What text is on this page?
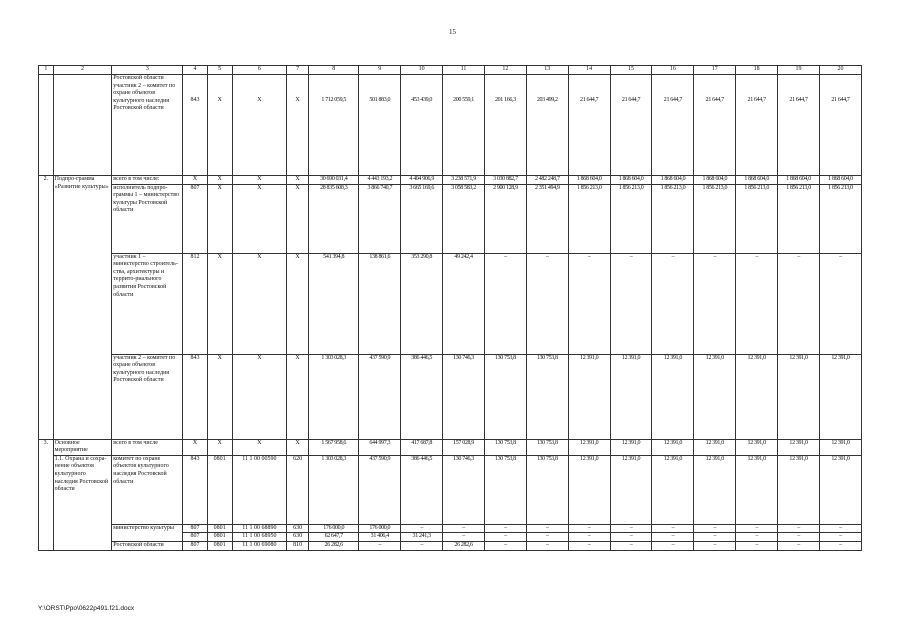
15
1	2	3	4	5	6	7	8	9	10	11	12	13	14	15	16	17	18	19	20
		Ростовской области участник 2 – комитет по охране объектов культурного наследия Ростовской области	843	X	X	X	1 712 059,5	501 883,0	453 439,0	200 559,1	201 166,3	203 499,2	21 644,7	21 644,7	21 644,7	21 644,7	21 644,7	21 644,7	21 644,7
2.	Подпро-грамма «Развитие культуры»	всего в том числе:	X	X	X	X	30 690 031,4	4 443 193,2	4 404 906,9	3 238 571,9	3 030 882,7	2 482 248,7	1 868 604,0	1 868 604,0	1 868 604,0	1 868 604,0	1 868 604,0	1 868 604,0	1 868 604,0
		исполнитель подпро-граммы 1 – министерство культуры Ростовской области	807	X	X	X	28 835 608,3	3 866 740,7	3 665 169,6	3 058 583,2	2 900 128,9	2 351 494,9	1 856 213,0	1 856 213,0	1 856 213,0	1 856 213,0	1 856 213,0	1 856 213,0	1 856 213,0
		участник 1 – министерство строитель-ства, архитектуры и террито-риального развития Ростовской области	812	X	X	X	541 394,8	138 861,6	353 290,8	49 242,4	–	–	–	–	–	–	–	–	–
		участник 2 – комитет по охране объектов культурного наследия Ростовской области	843	X	X	X	1 303 028,3	437 590,9	386 446,5	130 746,3	130 753,8	130 753,8	12 391,0	12 391,0	12 391,0	12 391,0	12 391,0	12 391,0	12 391,0
3.	Основное мероприятие	всего в том числе	X	X	X	X	1 567 958,6	644 997,3	417 687,8	157 028,9	130 753,8	130 753,8	12 391,0	12 391,0	12 391,0	12 391,0	12 391,0	12 391,0	12 391,0
	1.1. Охрана и сохра-нение объектов культурного наследия Ростовской области	комитет по охране объектов культурного наследия Ростовской области	843	0801	11 1 00 00590	620	1 303 028,3	437 590,9	386 446,5	130 746,3	130 753,8	130 753,8	12 391,0	12 391,0	12 391,0	12 391,0	12 391,0	12 391,0	12 391,0
		министерство культуры	807	0801	11 1 00 68890	630	176 000,0	176 000,0	–	–	–	–	–	–	–	–	–	–	–
			807	0801	11 1 00 68950	630	62 647,7	31 406,4	31 241,3	–	–	–	–	–	–	–	–	–	–
		Ростовской области	807	0801	11 1 00 69080	810	26 282,6	–	–	26 282,6	–	–	–	–	–	–	–	–	–
Y:\ORST\Ppo\0622p491.f21.docx
